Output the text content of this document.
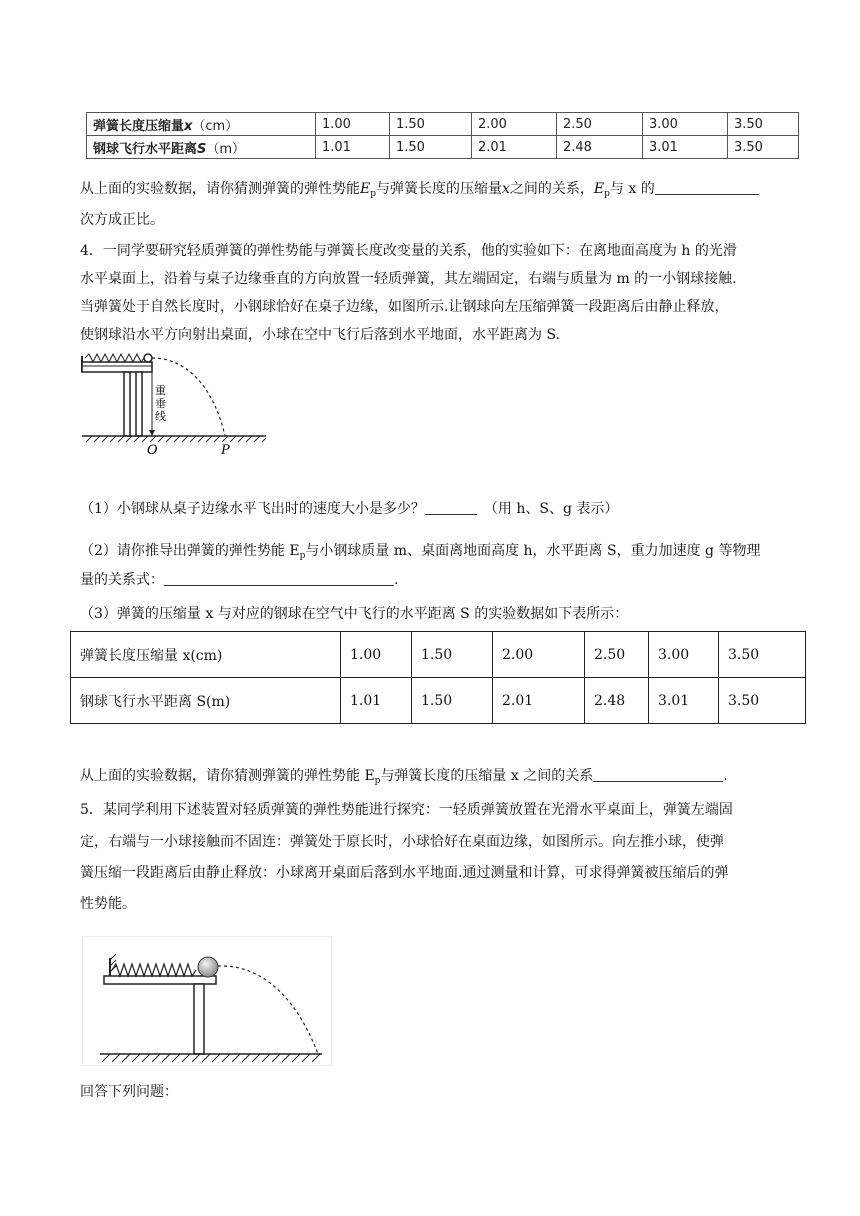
弹簧长度压缩量x（cm）	1.00	1.50	2.00	2.50	3.00	3.50
钢球飞行水平距离S（m）	1.01	1.50	2.01	2.48	3.01	3.50

从上面的实验数据，请你猜测弹簧的弹性势能$E_p$与弹簧长度的压缩量x之间的关系，$E_p$与 x 的

次方成正比。

4．一同学要研究轻质弹簧的弹性势能与弹簧长度改变量的关系，他的实验如下：在离地面高度为 h 的光滑

水平桌面上，沿着与桌子边缘垂直的方向放置一轻质弹簧，其左端固定，右端与质量为 m 的一小钢球接触.

当弹簧处于自然长度时，小钢球恰好在桌子边缘，如图所示.让钢球向左压缩弹簧一段距离后由静止释放，

使钢球沿水平方向射出桌面，小球在空中飞行后落到水平地面，水平距离为 S.

重
垂
线
O	P

（1）小钢球从桌子边缘水平飞出时的速度大小是多少？　	（用 h、S、g 表示）

（2）请你推导出弹簧的弹性势能 $E_p$与小钢球质量 m、桌面离地面高度 h，水平距离 S，重力加速度 g 等物理

量的关系式：	.

（3）弹簧的压缩量 x 与对应的钢球在空气中飞行的水平距离 S 的实验数据如下表所示：

弹簧长度压缩量 x(cm)	1.00	1.50	2.00	2.50	3.00	3.50
钢球飞行水平距离 S(m)	1.01	1.50	2.01	2.48	3.01	3.50

从上面的实验数据，请你猜测弹簧的弹性势能 $E_p$与弹簧长度的压缩量 x 之间的关系	.

5．某同学利用下述装置对轻质弹簧的弹性势能进行探究：一轻质弹簧放置在光滑水平桌面上，弹簧左端固

定，右端与一小球接触而不固连：弹簧处于原长时，小球恰好在桌面边缘，如图所示。向左推小球，使弹

簧压缩一段距离后由静止释放：小球离开桌面后落到水平地面.通过测量和计算，可求得弹簧被压缩后的弹

性势能。

回答下列问题：
